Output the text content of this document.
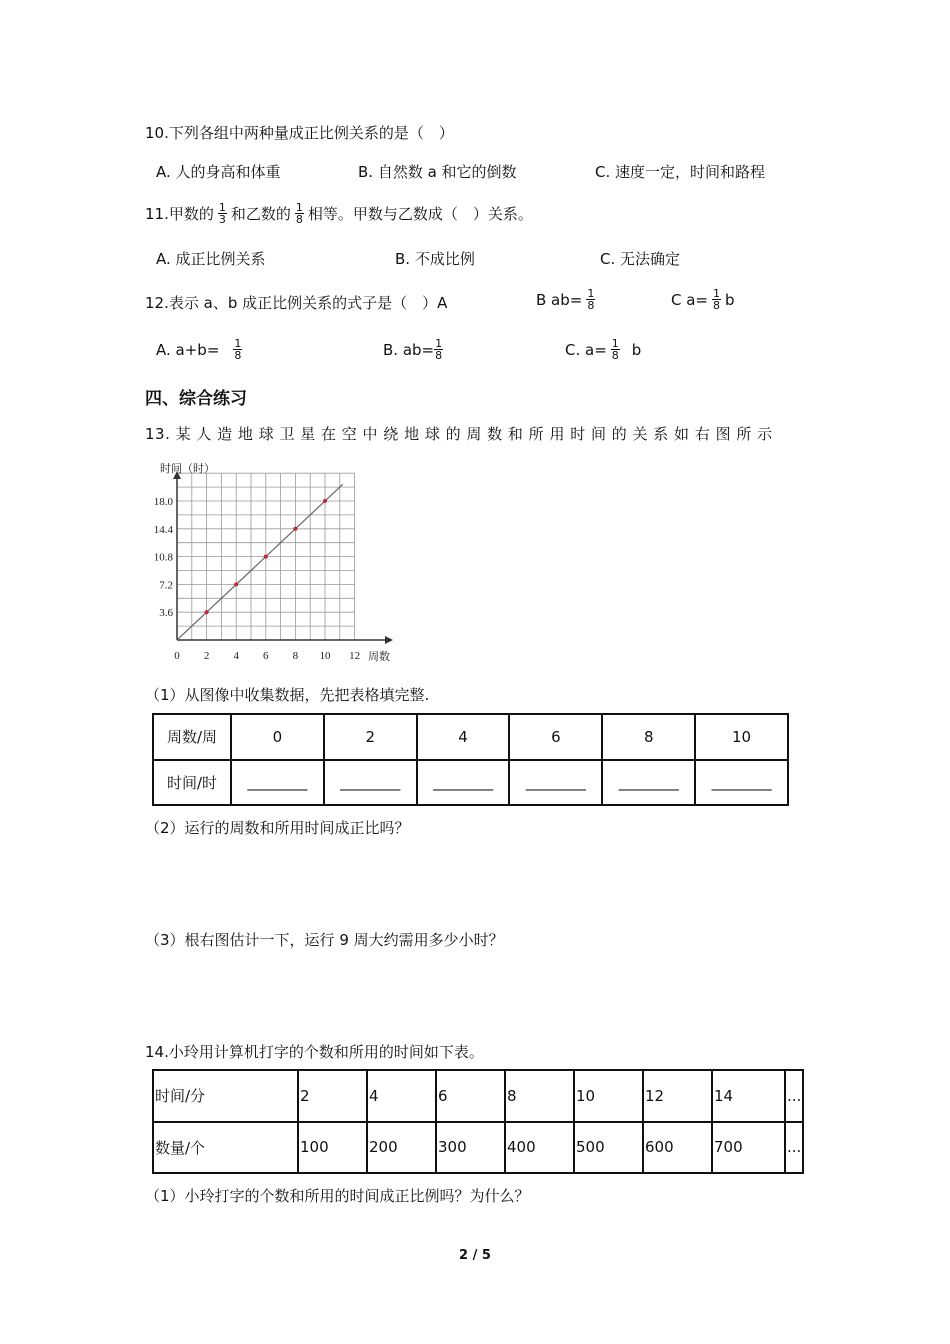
10.下列各组中两种量成正比例关系的是（　）
A. 人的身高和体重	B. 自然数 a 和它的倒数	C. 速度一定，时间和路程
11.甲数的 $\frac{1}{3}$ 和乙数的 $\frac{1}{8}$ 相等。甲数与乙数成（　）关系。
A. 成正比例关系	B. 不成比例	C. 无法确定
12.表示 a、b 成正比例关系的式子是（　）A	B $ab= \frac{1}{8}$	C $a= \frac{1}{8}$ b
A. $a+b= \frac{1}{8}$	B. $ab= \frac{1}{8}$	C. $a= \frac{1}{8}$ b
四、综合练习
13. 某 人 造 地 球 卫 星 在 空 中 绕 地 球 的 周 数 和 所 用 时 间 的 关 系 如 右 图 所 示
3.6
7.2
10.8
14.4
18.0
0 2 4 6 8 10 12
时间（时）
周数
（1）从图像中收集数据，先把表格填完整.
周数/周	0	2	4	6	8	10
时间/时	________	________	________	________	________	________
（2）运行的周数和所用时间成正比吗？
（3）根右图估计一下，运行 9 周大约需用多少小时？
14.小玲用计算机打字的个数和所用的时间如下表。
时间/分	2	4	6	8	10	12	14	...
数量/个	100	200	300	400	500	600	700	...
（1）小玲打字的个数和所用的时间成正比例吗？为什么？
2 / 5
